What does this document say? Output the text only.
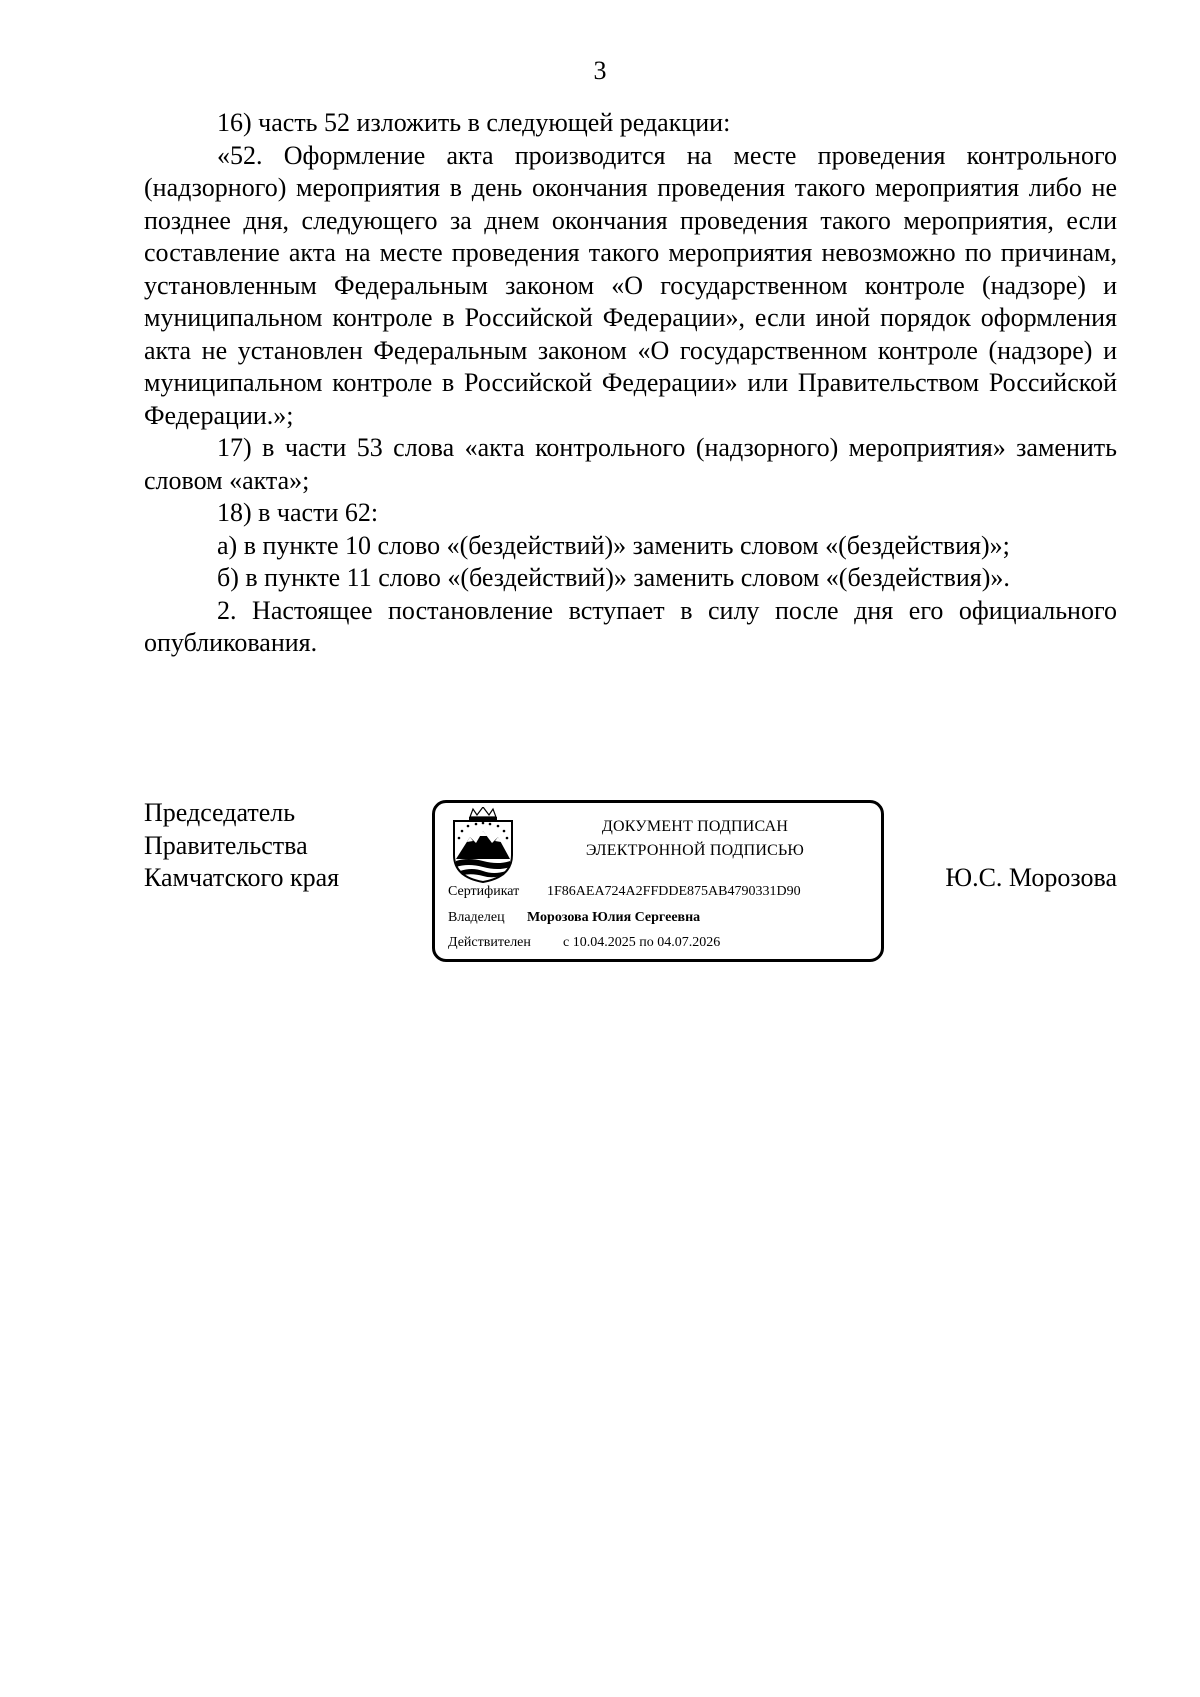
3

16) часть 52 изложить в следующей редакции:

«52. Оформление акта производится на месте проведения контрольного (надзорного) мероприятия в день окончания проведения такого мероприятия либо не позднее дня, следующего за днем окончания проведения такого мероприятия, если составление акта на месте проведения такого мероприятия невозможно по причинам, установленным Федеральным законом «О государственном контроле (надзоре) и муниципальном контроле в Российской Федерации», если иной порядок оформления акта не установлен Федеральным законом «О государственном контроле (надзоре) и муниципальном контроле в Российской Федерации» или Правительством Российской Федерации.»;

17) в части 53 слова «акта контрольного (надзорного) мероприятия» заменить словом «акта»;

18) в части 62:

а) в пункте 10 слово «(бездействий)» заменить словом «(бездействия)»;

б) в пункте 11 слово «(бездействий)» заменить словом «(бездействия)».

2. Настоящее постановление вступает в силу после дня его официального опубликования.

Председатель
Правительства
Камчатского края
ДОКУМЕНТ ПОДПИСАН
ЭЛЕКТРОННОЙ ПОДПИСЬЮ
Сертификат 1F86AEA724A2FFDDE875AB4790331D90
Владелец Морозова Юлия Сергеевна
Действителен с 10.04.2025 по 04.07.2026
Ю.С. Морозова
